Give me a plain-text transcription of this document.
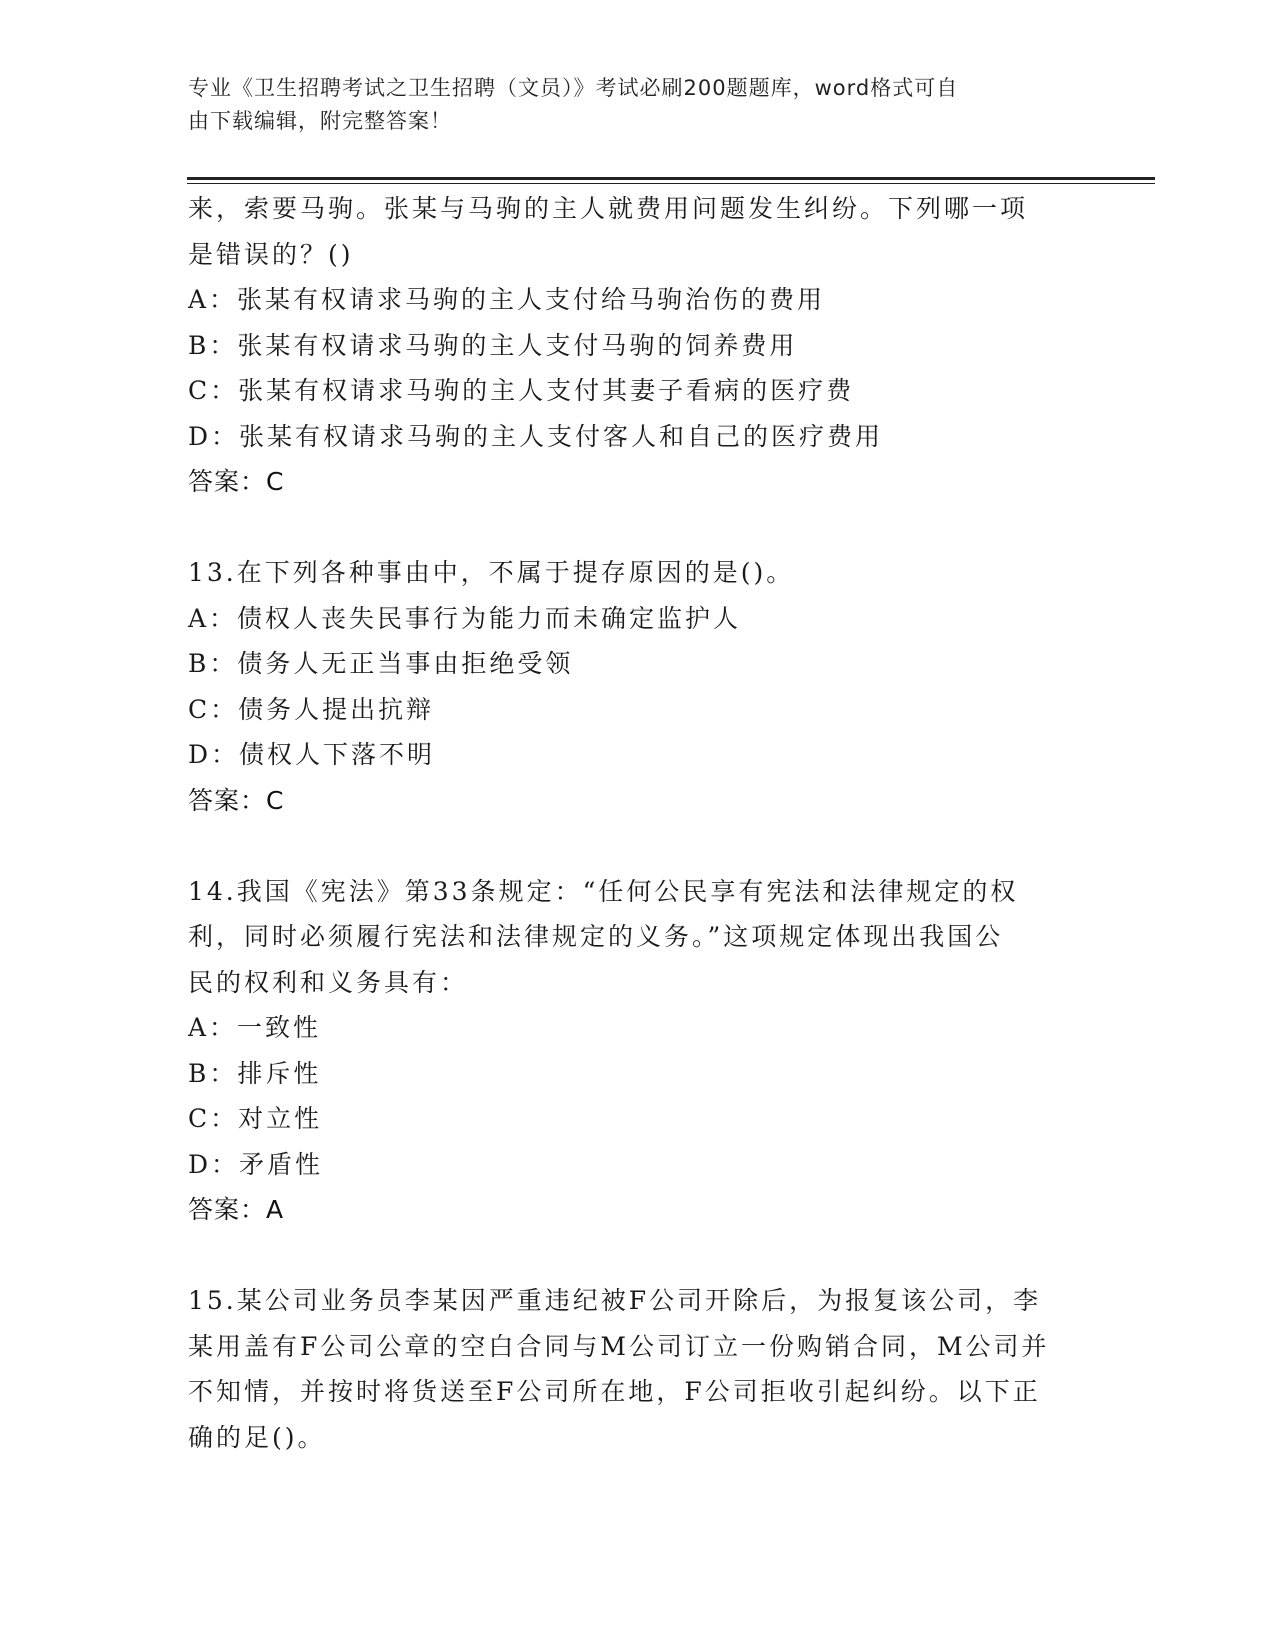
专业《卫生招聘考试之卫生招聘（文员）》考试必刷200题题库，word格式可自
由下载编辑，附完整答案！
来，索要马驹。张某与马驹的主人就费用问题发生纠纷。下列哪一项
是错误的？()
A：张某有权请求马驹的主人支付给马驹治伤的费用
B：张某有权请求马驹的主人支付马驹的饲养费用
C：张某有权请求马驹的主人支付其妻子看病的医疗费
D：张某有权请求马驹的主人支付客人和自己的医疗费用
答案：C
13.在下列各种事由中，不属于提存原因的是()。
A：债权人丧失民事行为能力而未确定监护人
B：债务人无正当事由拒绝受领
C：债务人提出抗辩
D：债权人下落不明
答案：C
14.我国《宪法》第33条规定：“任何公民享有宪法和法律规定的权
利，同时必须履行宪法和法律规定的义务。”这项规定体现出我国公
民的权利和义务具有：
A：一致性
B：排斥性
C：对立性
D：矛盾性
答案：A
15.某公司业务员李某因严重违纪被F公司开除后，为报复该公司，李
某用盖有F公司公章的空白合同与M公司订立一份购销合同，M公司并
不知情，并按时将货送至F公司所在地，F公司拒收引起纠纷。以下正
确的足()。
